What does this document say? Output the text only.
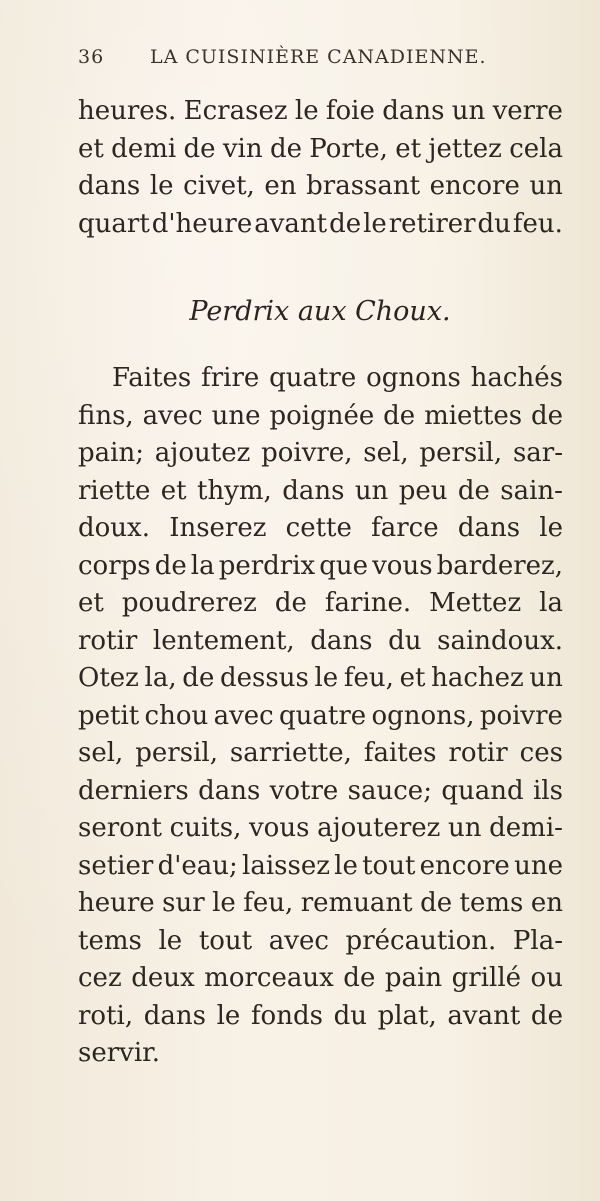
36 LA CUISINIÈRE CANADIENNE.
heures. Ecrasez le foie dans un verre
et demi de vin de Porte, et jettez cela
dans le civet, en brassant encore un
quart d'heure avant de le retirer du feu.
Perdrix aux Choux.
Faites frire quatre ognons hachés
fins, avec une poignée de miettes de
pain; ajoutez poivre, sel, persil, sar-
riette et thym, dans un peu de sain-
doux. Inserez cette farce dans le
corps de la perdrix que vous barderez,
et poudrerez de farine. Mettez la
rotir lentement, dans du saindoux.
Otez la, de dessus le feu, et hachez un
petit chou avec quatre ognons, poivre
sel, persil, sarriette, faites rotir ces
derniers dans votre sauce; quand ils
seront cuits, vous ajouterez un demi-
setier d'eau; laissez le tout encore une
heure sur le feu, remuant de tems en
tems le tout avec précaution. Pla-
cez deux morceaux de pain grillé ou
roti, dans le fonds du plat, avant de
servir.
